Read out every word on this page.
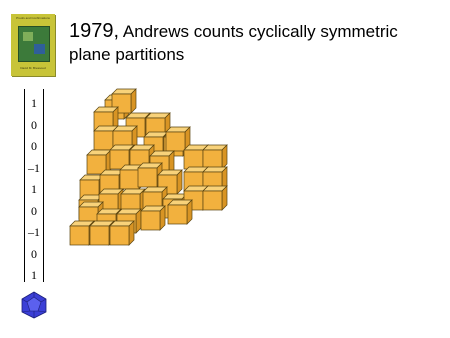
Proofs and Confirmations
David M. Bressoud
1979, Andrews counts cyclically symmetric plane partitions
1
0
0
–1
1
0
–1
0
1
